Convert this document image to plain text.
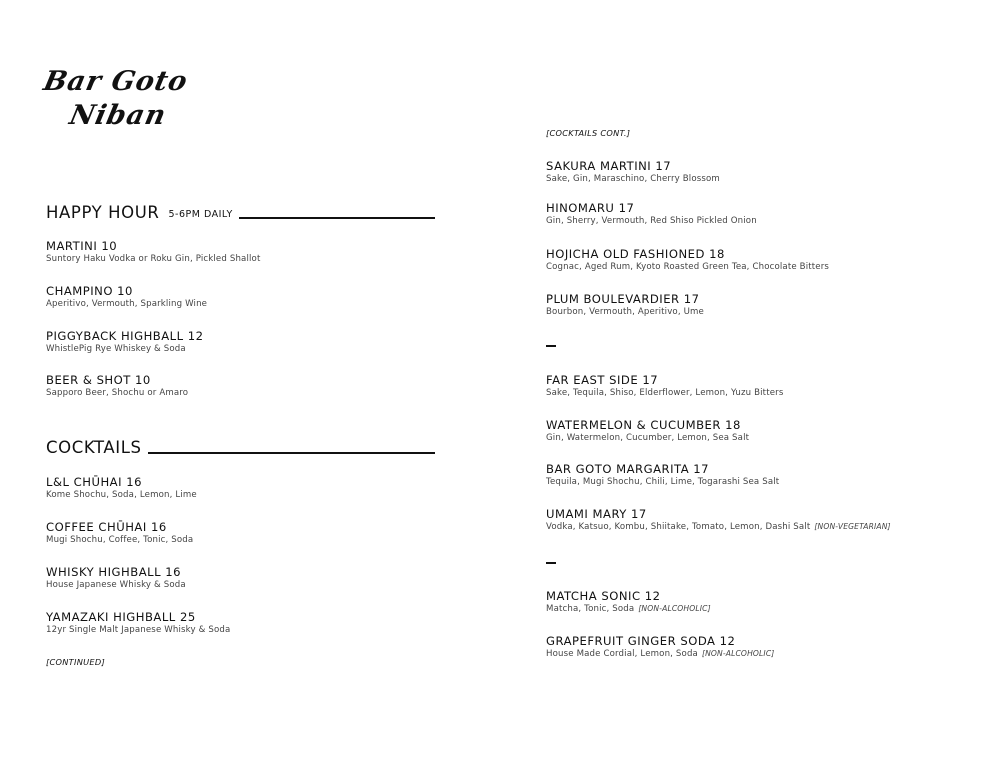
Bar Goto
Niban
HAPPY HOUR 5-6PM DAILY
MARTINI 10
Suntory Haku Vodka or Roku Gin, Pickled Shallot
CHAMPINO 10
Aperitivo, Vermouth, Sparkling Wine
PIGGYBACK HIGHBALL 12
WhistlePig Rye Whiskey & Soda
BEER & SHOT 10
Sapporo Beer, Shochu or Amaro
COCKTAILS
L&L CHŪHAI 16
Kome Shochu, Soda, Lemon, Lime
COFFEE CHŪHAI 16
Mugi Shochu, Coffee, Tonic, Soda
WHISKY HIGHBALL 16
House Japanese Whisky & Soda
YAMAZAKI HIGHBALL 25
12yr Single Malt Japanese Whisky & Soda
[CONTINUED]
[COCKTAILS CONT.]
SAKURA MARTINI 17
Sake, Gin, Maraschino, Cherry Blossom
HINOMARU 17
Gin, Sherry, Vermouth, Red Shiso Pickled Onion
HOJICHA OLD FASHIONED 18
Cognac, Aged Rum, Kyoto Roasted Green Tea, Chocolate Bitters
PLUM BOULEVARDIER 17
Bourbon, Vermouth, Aperitivo, Ume
FAR EAST SIDE 17
Sake, Tequila, Shiso, Elderflower, Lemon, Yuzu Bitters
WATERMELON & CUCUMBER 18
Gin, Watermelon, Cucumber, Lemon, Sea Salt
BAR GOTO MARGARITA 17
Tequila, Mugi Shochu, Chili, Lime, Togarashi Sea Salt
UMAMI MARY 17
Vodka, Katsuo, Kombu, Shiitake, Tomato, Lemon, Dashi Salt [NON-VEGETARIAN]
MATCHA SONIC 12
Matcha, Tonic, Soda [NON-ALCOHOLIC]
GRAPEFRUIT GINGER SODA 12
House Made Cordial, Lemon, Soda [NON-ALCOHOLIC]
